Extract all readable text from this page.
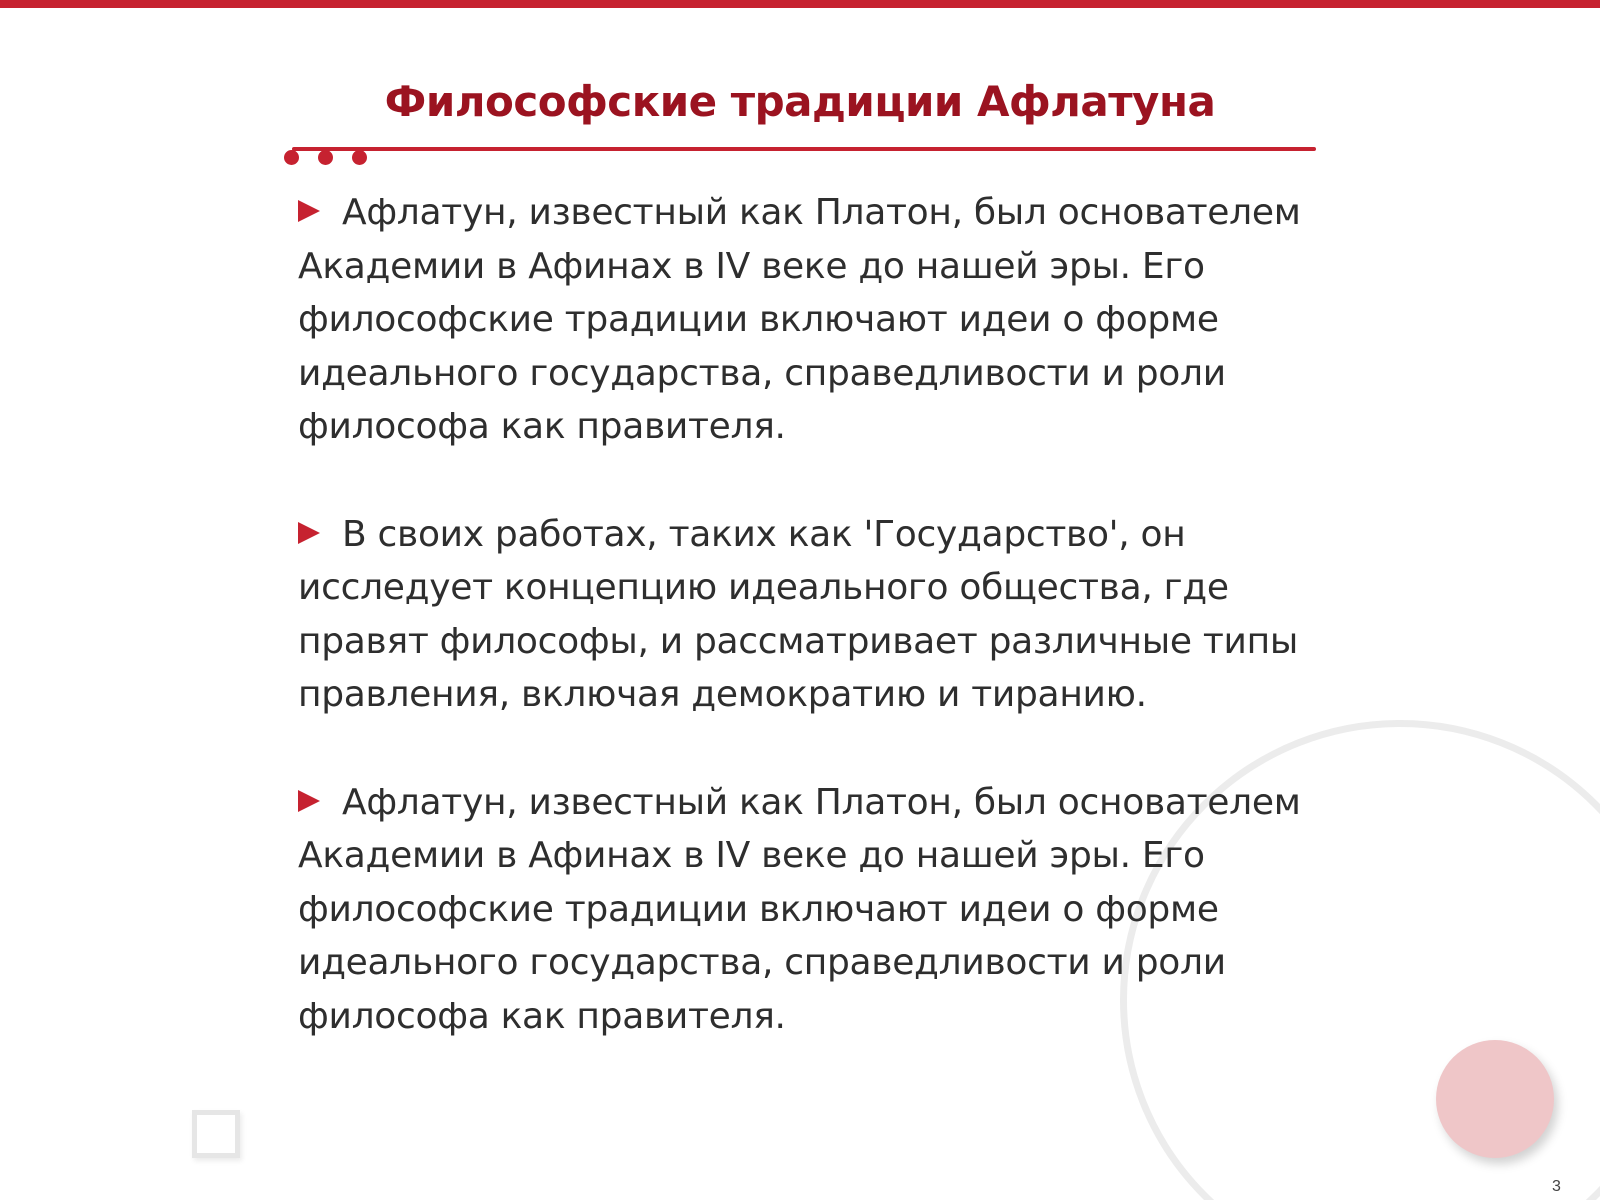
Философские традиции Афлатуна

Афлатун, известный как Платон, был основателем Академии в Афинах в IV веке до нашей эры. Его философские традиции включают идеи о форме идеального государства, справедливости и роли философа как правителя.

В своих работах, таких как 'Государство', он исследует концепцию идеального общества, где правят философы, и рассматривает различные типы правления, включая демократию и тиранию.

Афлатун, известный как Платон, был основателем Академии в Афинах в IV веке до нашей эры. Его философские традиции включают идеи о форме идеального государства, справедливости и роли философа как правителя.

3
